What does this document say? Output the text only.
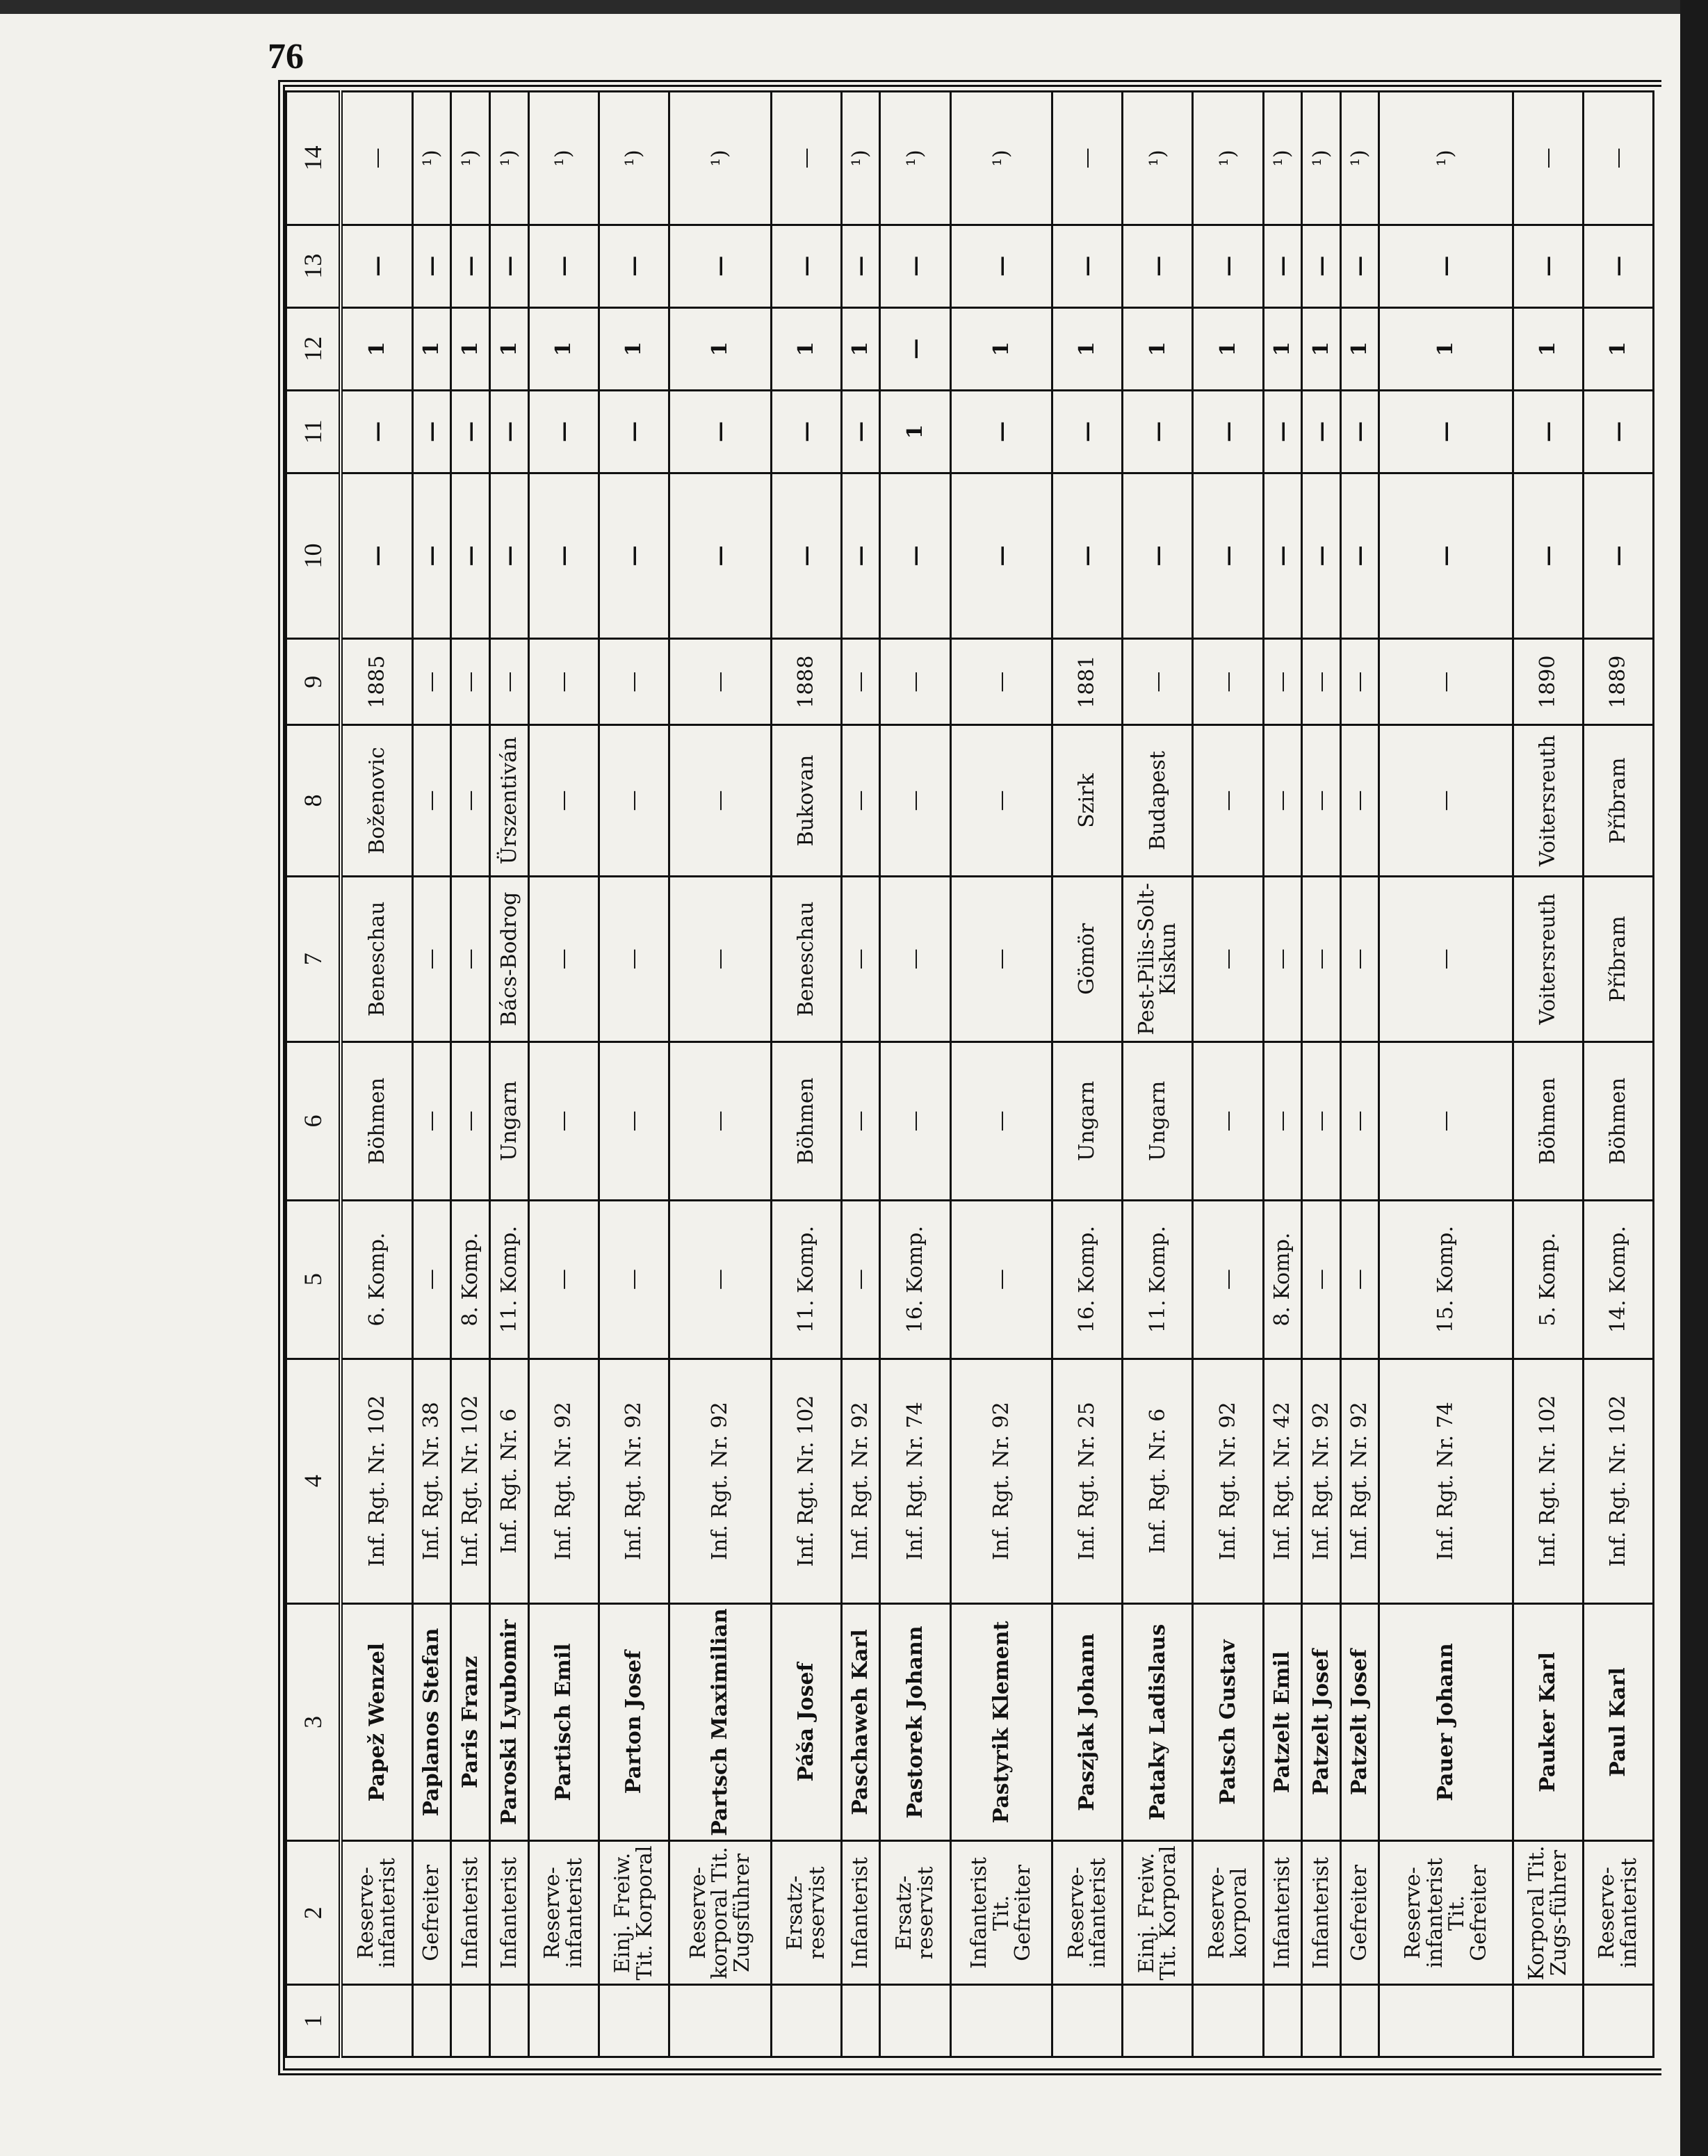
76
1	2	3	4	5	6	7	8	9	10	11	12	13	14
	Reserve-infanterist	Papež Wenzel	Inf. Rgt. Nr. 102	6. Komp.	Böhmen	Beneschau	Boženovic	1885	—	—	1	—	—
	Gefreiter	Paplanos Stefan	Inf. Rgt. Nr. 38	—	—	—	—	—	—	—	1	—	¹)
	Infanterist	Paris Franz	Inf. Rgt. Nr. 102	8. Komp.	—	—	—	—	—	—	1	—	¹)
	Infanterist	Paroski Lyubomir	Inf. Rgt. Nr. 6	11. Komp.	Ungarn	Bács-Bodrog	Ürszentiván	—	—	—	1	—	¹)
	Reserve-infanterist	Partisch Emil	Inf. Rgt. Nr. 92	—	—	—	—	—	—	—	1	—	¹)
	Einj. Freiw. Tit. Korporal	Parton Josef	Inf. Rgt. Nr. 92	—	—	—	—	—	—	—	1	—	¹)
	Reserve-korporal Tit. Zugsführer	Partsch Maximilian	Inf. Rgt. Nr. 92	—	—	—	—	—	—	—	1	—	¹)
	Ersatz-reservist	Páša Josef	Inf. Rgt. Nr. 102	11. Komp.	Böhmen	Beneschau	Bukovan	1888	—	—	1	—	—
	Infanterist	Paschaweh Karl	Inf. Rgt. Nr. 92	—	—	—	—	—	—	—	1	—	¹)
	Ersatz-reservist	Pastorek Johann	Inf. Rgt. Nr. 74	16. Komp.	—	—	—	—	—	1	—	—	¹)
	Infanterist Tit. Gefreiter	Pastyrik Klement	Inf. Rgt. Nr. 92	—	—	—	—	—	—	—	1	—	¹)
	Reserve-infanterist	Paszjak Johann	Inf. Rgt. Nr. 25	16. Komp.	Ungarn	Gömör	Szirk	1881	—	—	1	—	—
	Einj. Freiw. Tit. Korporal	Pataky Ladislaus	Inf. Rgt. Nr. 6	11. Komp.	Ungarn	Pest-Pilis-Solt-Kiskun	Budapest	—	—	—	1	—	¹)
	Reserve-korporal	Patsch Gustav	Inf. Rgt. Nr. 92	—	—	—	—	—	—	—	1	—	¹)
	Infanterist	Patzelt Emil	Inf. Rgt. Nr. 42	8. Komp.	—	—	—	—	—	—	1	—	¹)
	Infanterist	Patzelt Josef	Inf. Rgt. Nr. 92	—	—	—	—	—	—	—	1	—	¹)
	Gefreiter	Patzelt Josef	Inf. Rgt. Nr. 92	—	—	—	—	—	—	—	1	—	¹)
	Reserve-infanterist Tit. Gefreiter	Pauer Johann	Inf. Rgt. Nr. 74	15. Komp.	—	—	—	—	—	—	1	—	¹)
	Korporal Tit. Zugs-führer	Pauker Karl	Inf. Rgt. Nr. 102	5. Komp.	Böhmen	Voitersreuth	Voitersreuth	1890	—	—	1	—	—
	Reserve-infanterist	Paul Karl	Inf. Rgt. Nr. 102	14. Komp.	Böhmen	Příbram	Příbram	1889	—	—	1	—	—
